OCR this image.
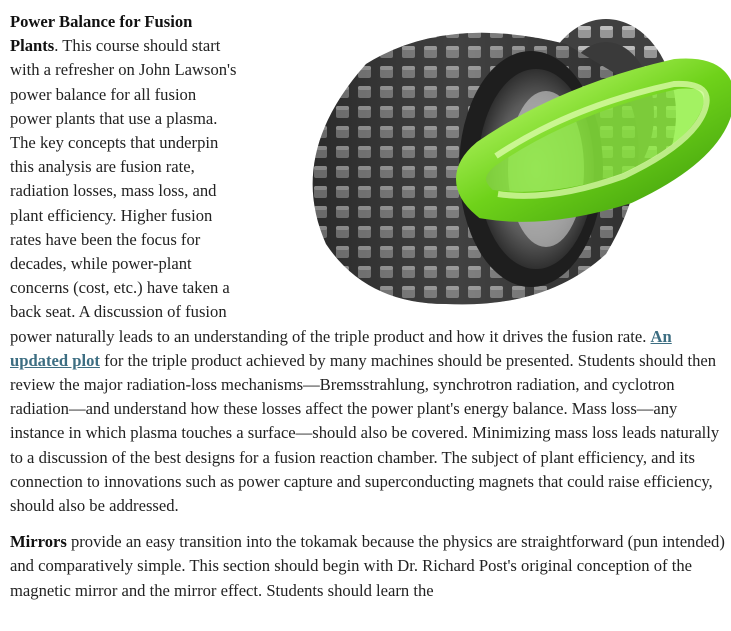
Power Balance for Fusion Plants. This course should start with a refresher on John Lawson's power balance for all fusion power plants that use a plasma. The key concepts that underpin this analysis are fusion rate, radiation losses, mass loss, and plant efficiency. Higher fusion rates have been the focus for decades, while power-plant concerns (cost, etc.) have taken a back seat. A discussion of fusion power naturally leads to an understanding of the triple product and how it drives the fusion rate. An updated plot for the triple product achieved by many machines should be presented. Students should then review the major radiation-loss mechanisms—Bremsstrahlung, synchrotron radiation, and cyclotron radiation—and understand how these losses affect the power plant's energy balance. Mass loss—any instance in which plasma touches a surface—should also be covered. Minimizing mass loss leads naturally to a discussion of the best designs for a fusion reaction chamber. The subject of plant efficiency, and its connection to innovations such as power capture and superconducting magnets that could raise efficiency, should also be addressed.

Mirrors provide an easy transition into the tokamak because the physics are straightforward (pun intended) and comparatively simple. This section should begin with Dr. Richard Post's original conception of the magnetic mirror and the mirror effect. Students should learn the
